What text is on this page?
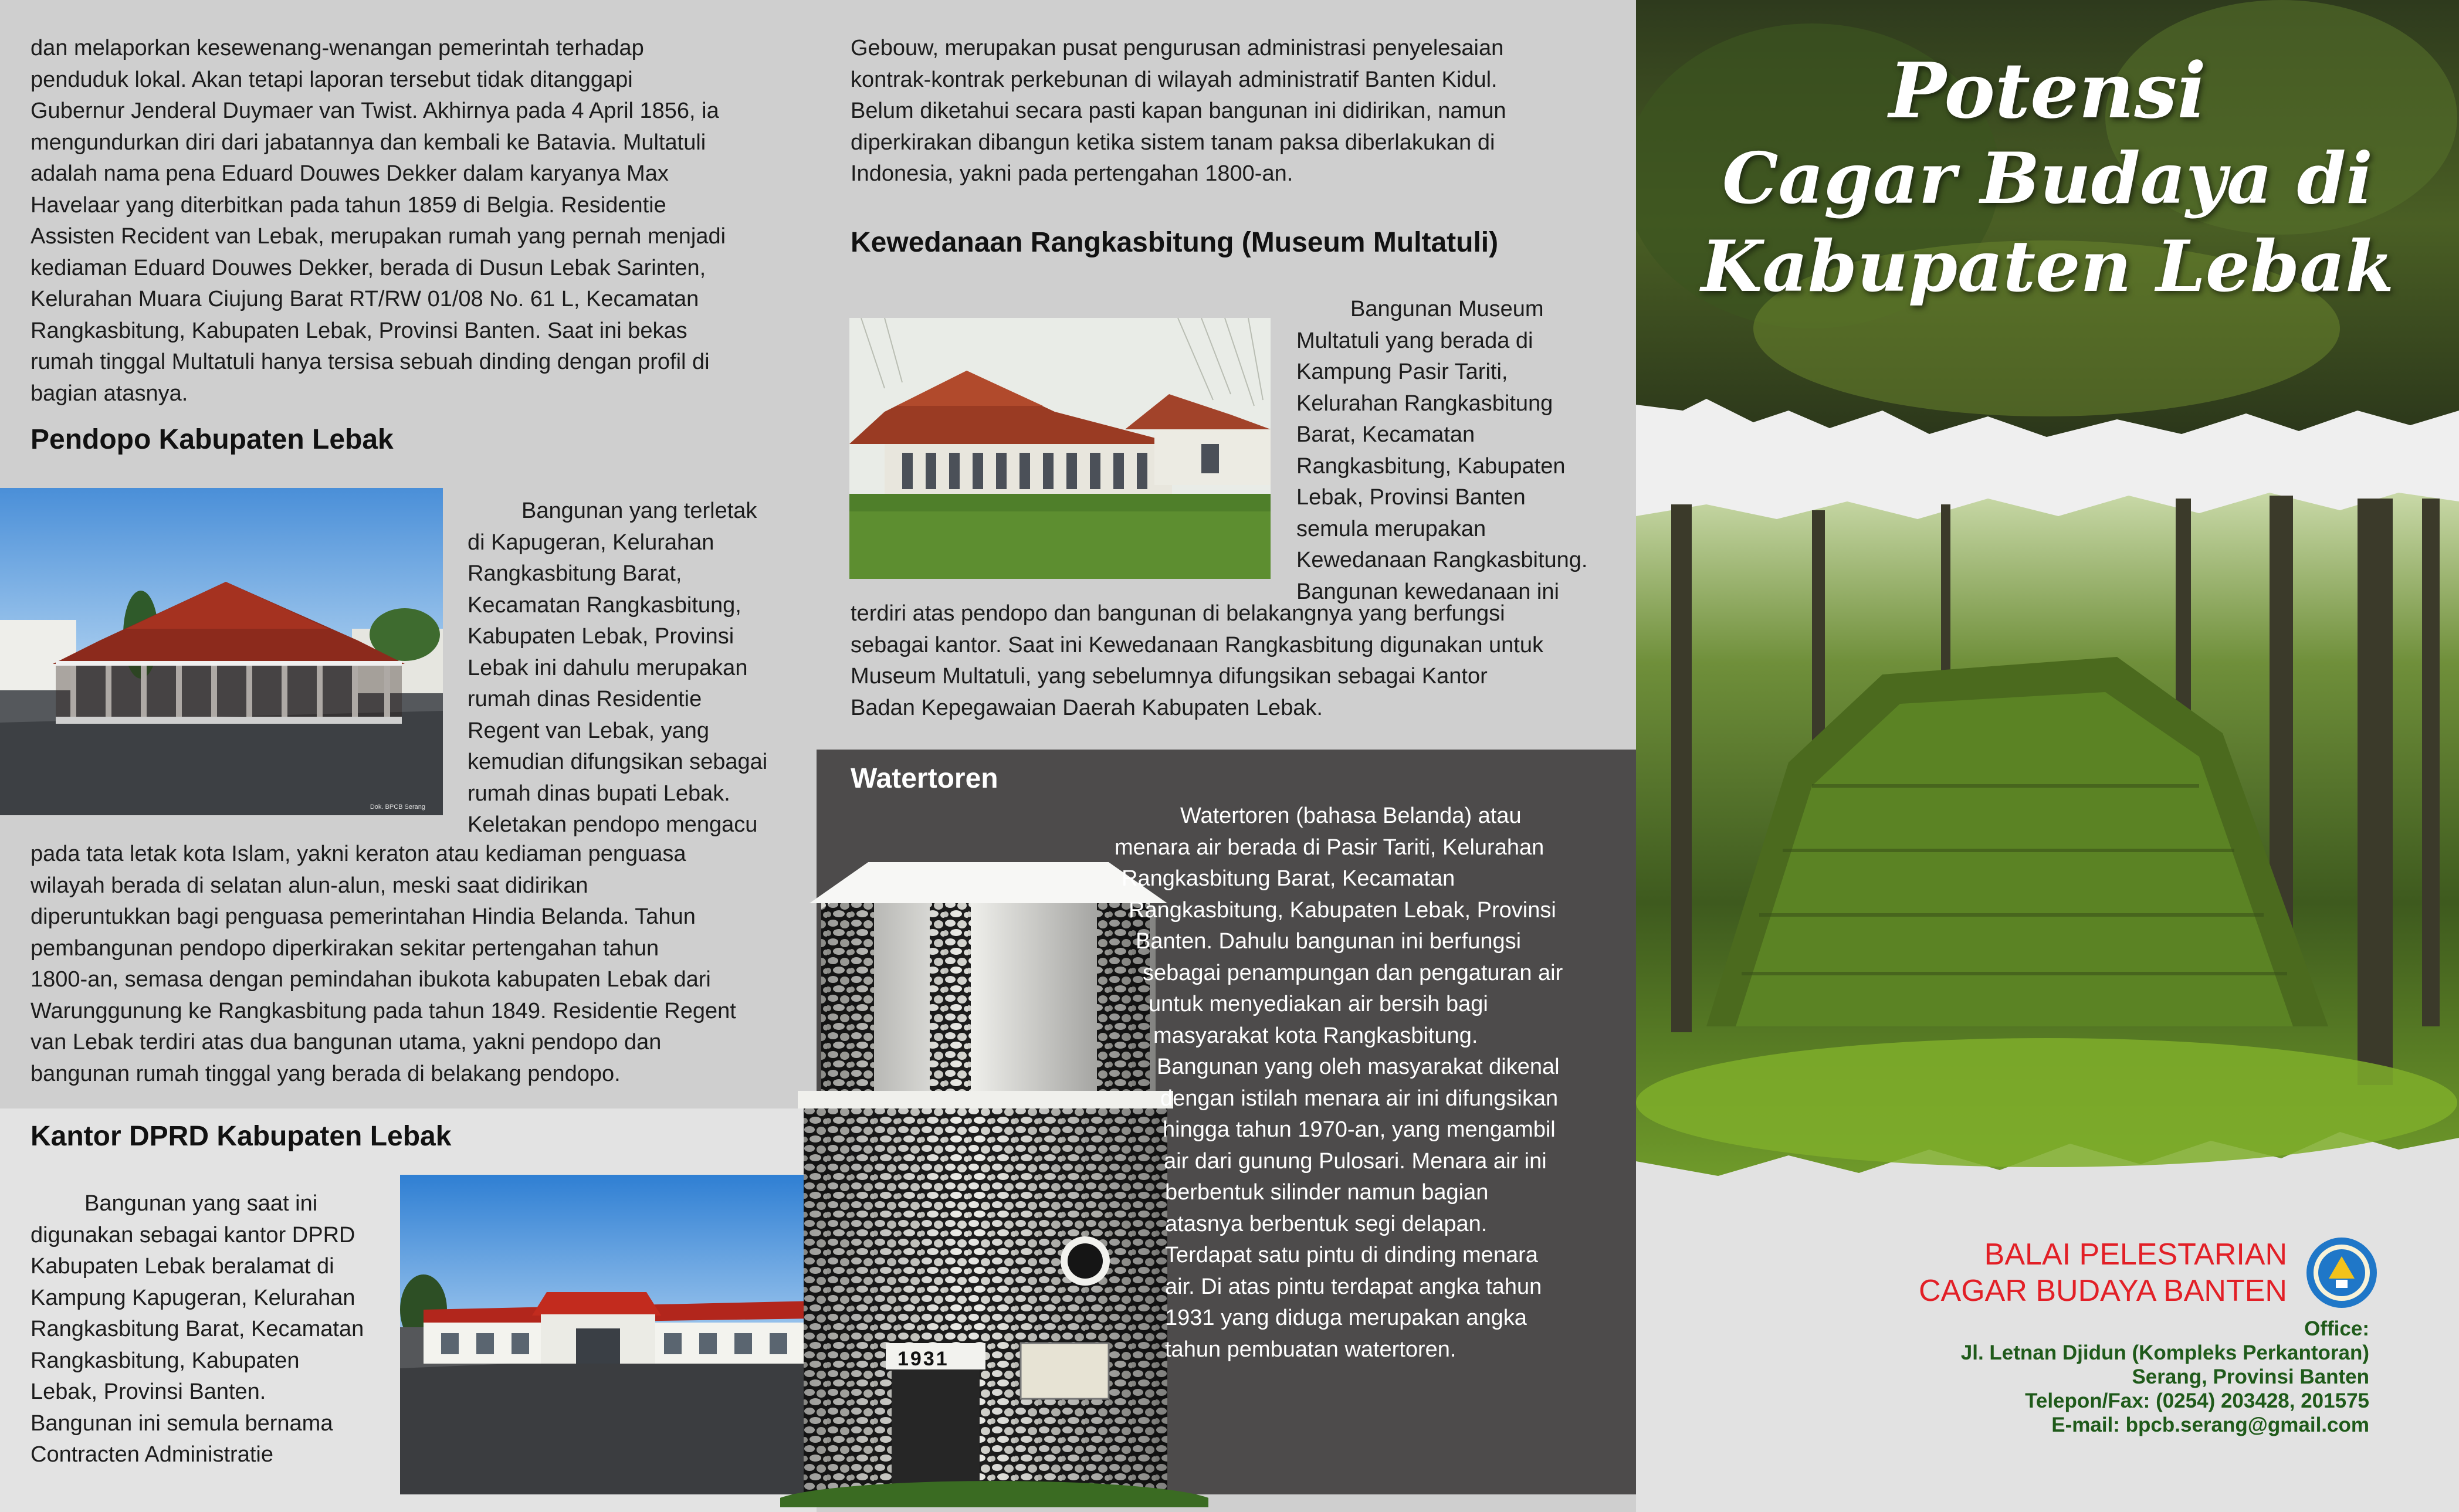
dan melaporkan kesewenang-wenangan pemerintah terhadap

penduduk lokal. Akan tetapi laporan tersebut tidak ditanggapi

Gubernur Jenderal Duymaer van Twist. Akhirnya pada 4 April 1856, ia

mengundurkan diri dari jabatannya dan kembali ke Batavia. Multatuli

adalah nama pena Eduard Douwes Dekker dalam karyanya Max

Havelaar yang diterbitkan pada tahun 1859 di Belgia. Residentie

Assisten Recident van Lebak, merupakan rumah yang pernah menjadi

kediaman Eduard Douwes Dekker, berada di Dusun Lebak Sarinten,

Kelurahan Muara Ciujung Barat RT/RW 01/08 No. 61 L, Kecamatan

Rangkasbitung, Kabupaten Lebak, Provinsi Banten. Saat ini bekas

rumah tinggal Multatuli hanya tersisa sebuah dinding dengan profil di

bagian atasnya.

Pendopo Kabupaten Lebak
Dok. BPCB Serang

Bangunan yang terletak

di Kapugeran, Kelurahan

Rangkasbitung Barat,

Kecamatan Rangkasbitung,

Kabupaten Lebak, Provinsi

Lebak ini dahulu merupakan

rumah dinas Residentie

Regent van Lebak, yang

kemudian difungsikan sebagai

rumah dinas bupati Lebak.

Keletakan pendopo mengacu

pada tata letak kota Islam, yakni keraton atau kediaman penguasa

wilayah berada di selatan alun-alun, meski saat didirikan

diperuntukkan bagi penguasa pemerintahan Hindia Belanda. Tahun

pembangunan pendopo diperkirakan sekitar pertengahan tahun

1800-an, semasa dengan pemindahan ibukota kabupaten Lebak dari

Warunggunung ke Rangkasbitung pada tahun 1849. Residentie Regent

van Lebak terdiri atas dua bangunan utama, yakni pendopo dan

bangunan rumah tinggal yang berada di belakang pendopo.

Kantor DPRD Kabupaten Lebak

Bangunan yang saat ini

digunakan sebagai kantor DPRD

Kabupaten Lebak beralamat di

Kampung Kapugeran, Kelurahan

Rangkasbitung Barat, Kecamatan

Rangkasbitung, Kabupaten

Lebak, Provinsi Banten.

Bangunan ini semula bernama

Contracten Administratie

Gebouw, merupakan pusat pengurusan administrasi penyelesaian

kontrak-kontrak perkebunan di wilayah administratif Banten Kidul.

Belum diketahui secara pasti kapan bangunan ini didirikan, namun

diperkirakan dibangun ketika sistem tanam paksa diberlakukan di

Indonesia, yakni pada pertengahan 1800-an.

Kewedanaan Rangkasbitung (Museum Multatuli)

Bangunan Museum

Multatuli yang berada di

Kampung Pasir Tariti,

Kelurahan Rangkasbitung

Barat, Kecamatan

Rangkasbitung, Kabupaten

Lebak, Provinsi Banten

semula merupakan

Kewedanaan Rangkasbitung.

Bangunan kewedanaan ini

terdiri atas pendopo dan bangunan di belakangnya yang berfungsi

sebagai kantor. Saat ini Kewedanaan Rangkasbitung digunakan untuk

Museum Multatuli, yang sebelumnya difungsikan sebagai Kantor

Badan Kepegawaian Daerah Kabupaten Lebak.

Watertoren
1931

Watertoren (bahasa Belanda) atau

menara air berada di Pasir Tariti, Kelurahan

Rangkasbitung Barat, Kecamatan

Rangkasbitung, Kabupaten Lebak, Provinsi

Banten. Dahulu bangunan ini berfungsi

sebagai penampungan dan pengaturan air

untuk menyediakan air bersih bagi

masyarakat kota Rangkasbitung.

Bangunan yang oleh masyarakat dikenal

dengan istilah menara air ini difungsikan

hingga tahun 1970-an, yang mengambil

air dari gunung Pulosari. Menara air ini

berbentuk silinder namun bagian

atasnya berbentuk segi delapan.

Terdapat satu pintu di dinding menara

air. Di atas pintu terdapat angka tahun

1931 yang diduga merupakan angka

tahun pembuatan watertoren.

Potensi
Cagar Budaya di
Kabupaten Lebak
BALAI PELESTARIAN
CAGAR BUDAYA BANTEN
Office:
Jl. Letnan Djidun (Kompleks Perkantoran)
Serang, Provinsi Banten
Telepon/Fax: (0254) 203428, 201575
E-mail: bpcb.serang@gmail.com
